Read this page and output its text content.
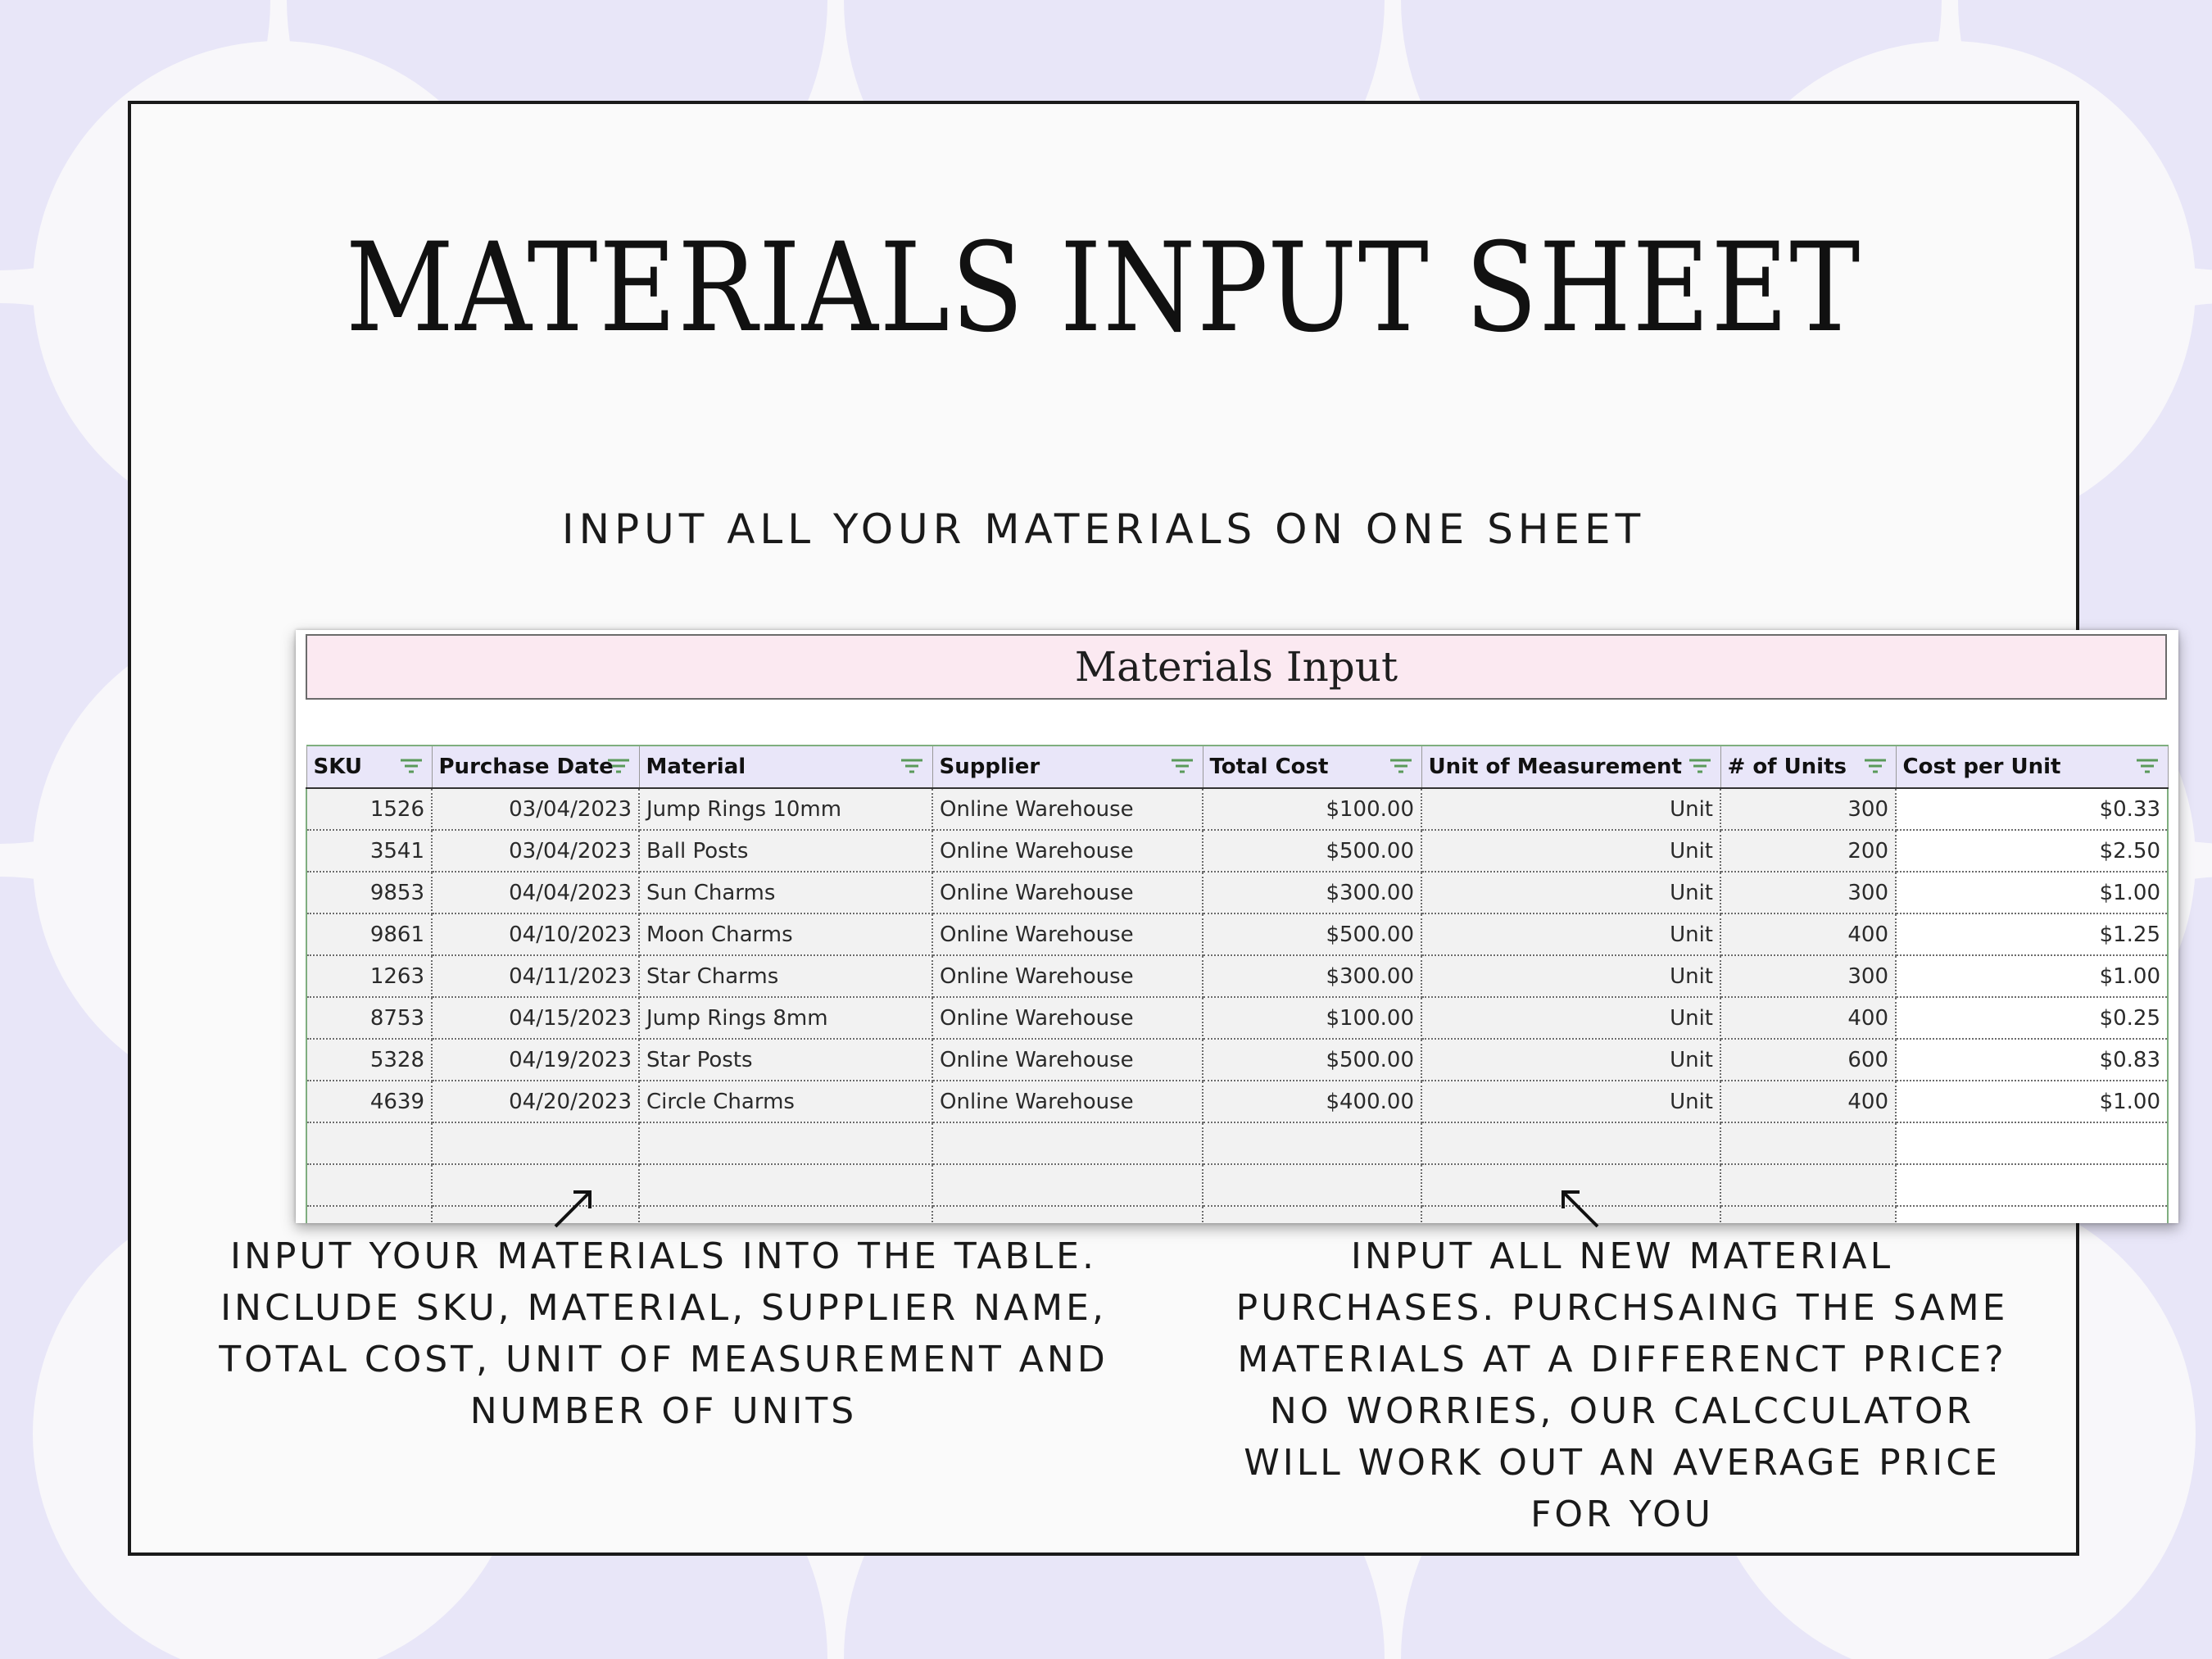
MATERIALS INPUT SHEET
INPUT ALL YOUR MATERIALS ON ONE SHEET
Materials Input
SKU	Purchase Date	Material	Supplier	Total Cost	Unit of Measurement	# of Units	Cost per Unit

1526	03/04/2023	Jump Rings 10mm	Online Warehouse	$100.00	Unit	300	$0.33
3541	03/04/2023	Ball Posts	Online Warehouse	$500.00	Unit	200	$2.50
9853	04/04/2023	Sun Charms	Online Warehouse	$300.00	Unit	300	$1.00
9861	04/10/2023	Moon Charms	Online Warehouse	$500.00	Unit	400	$1.25
1263	04/11/2023	Star Charms	Online Warehouse	$300.00	Unit	300	$1.00
8753	04/15/2023	Jump Rings 8mm	Online Warehouse	$100.00	Unit	400	$0.25
5328	04/19/2023	Star Posts	Online Warehouse	$500.00	Unit	600	$0.83
4639	04/20/2023	Circle Charms	Online Warehouse	$400.00	Unit	400	$1.00

INPUT YOUR MATERIALS INTO THE TABLE.
INCLUDE SKU, MATERIAL, SUPPLIER NAME,
TOTAL COST, UNIT OF MEASUREMENT AND
NUMBER OF UNITS
INPUT ALL NEW MATERIAL
PURCHASES. PURCHSAING THE SAME
MATERIALS AT A DIFFERENCT PRICE?
NO WORRIES, OUR CALCCULATOR
WILL WORK OUT AN AVERAGE PRICE
FOR YOU
